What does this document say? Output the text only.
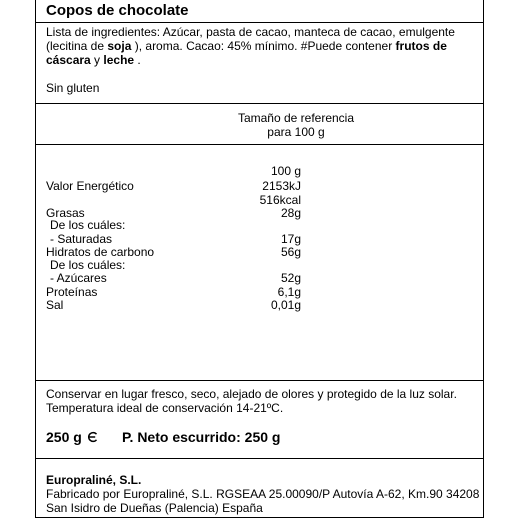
Copos de chocolate
Lista de ingredientes: Azúcar, pasta de cacao, manteca de cacao, emulgente
(lecitina de soja ), aroma. Cacao: 45% mínimo. #Puede contener frutos de
cáscara y leche .
Sin gluten
Tamaño de referencia
para 100 g
100 g
Valor Energético	2153kJ
516kcal
Grasas	28g
De los cuáles:
- Saturadas	17g
Hidratos de carbono	56g
De los cuáles:
- Azúcares	52g
Proteínas	6,1g
Sal	0,01g
Conservar en lugar fresco, seco, alejado de olores y protegido de la luz solar.
Temperatura ideal de conservación 14-21ºC.
250 g	P. Neto escurrido: 250 g
Europraliné, S.L.
Fabricado por Europraliné, S.L. RGSEAA 25.00090/P Autovía A-62, Km.90 34208
San Isidro de Dueñas (Palencia) España
